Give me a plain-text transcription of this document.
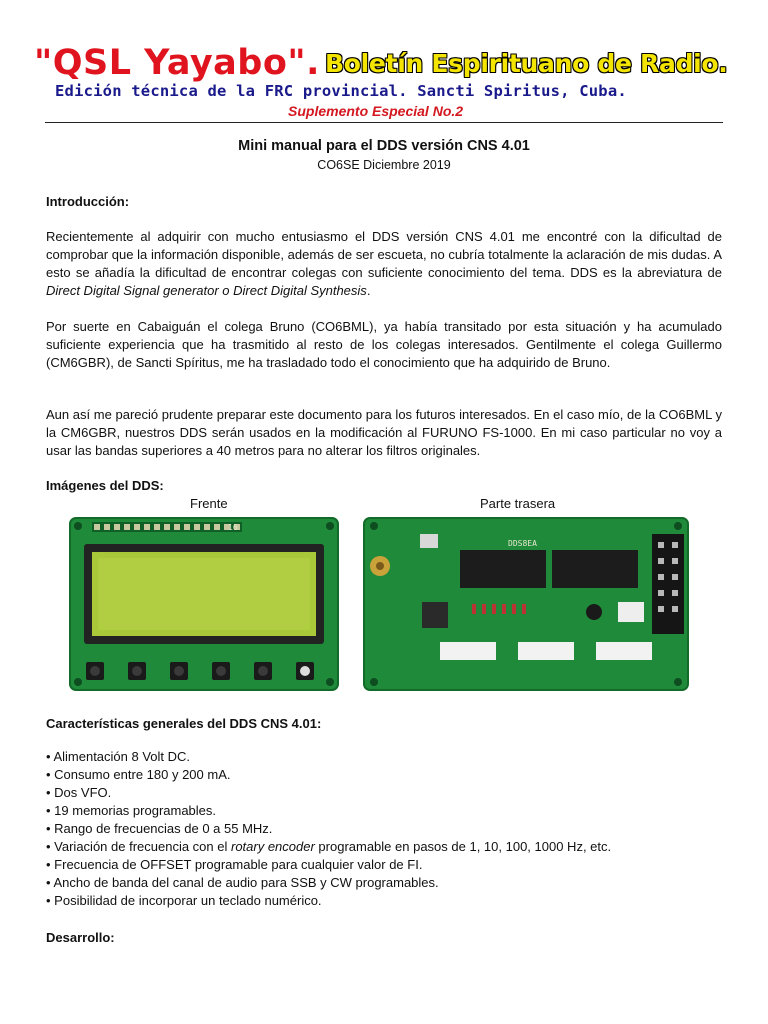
"QSL Yayabo". Boletín Espirituano de Radio.
Edición técnica de la FRC provincial. Sancti Spiritus, Cuba.
Suplemento Especial No.2
Mini manual para el DDS versión CNS 4.01
CO6SE Diciembre 2019
Introducción:
Recientemente al adquirir con mucho entusiasmo el DDS versión CNS 4.01 me encontré con la dificultad de comprobar que la información disponible, además de ser escueta, no cubría totalmente la aclaración de mis dudas. A esto se añadía la dificultad de encontrar colegas con suficiente conocimiento del tema. DDS es la abreviatura de Direct Digital Signal generator o Direct Digital Synthesis.
Por suerte en Cabaiguán el colega Bruno (CO6BML), ya había transitado por esta situación y ha acumulado suficiente experiencia que ha trasmitido al resto de los colegas interesados. Gentilmente el colega Guillermo (CM6GBR), de Sancti Spíritus, me ha trasladado todo el conocimiento que ha adquirido de Bruno.
Aun así me pareció prudente preparar este documento para los futuros interesados. En el caso mío, de la CO6BML y la CM6GBR, nuestros DDS serán usados en la modificación al FURUNO FS-1000. En mi caso particular no voy a usar las bandas superiores a 40 metros para no alterar los filtros originales.
Imágenes del DDS:
Frente	Parte trasera
16
DDS8EA
Características generales del DDS CNS 4.01:
• Alimentación 8 Volt DC.
• Consumo entre 180 y 200 mA.
• Dos VFO.
• 19 memorias programables.
• Rango de frecuencias de 0 a 55 MHz.
• Variación de frecuencia con el rotary encoder programable en pasos de 1, 10, 100, 1000 Hz, etc.
• Frecuencia de OFFSET programable para cualquier valor de FI.
• Ancho de banda del canal de audio para SSB y CW programables.
• Posibilidad de incorporar un teclado numérico.
Desarrollo:
